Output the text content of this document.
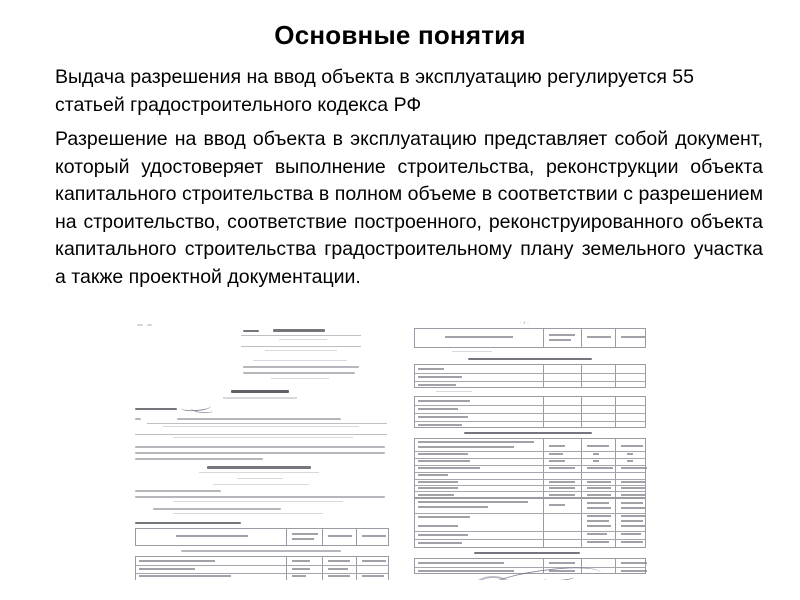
Основные понятия

Выдача разрешения на ввод объекта в эксплуатацию регулируется 55 статьей градостроительного кодекса РФ

Разрешение на ввод объекта в эксплуатацию представляет собой документ, который удостоверяет выполнение строительства, реконструкции объекта капитального строительства в полном объеме в соответствии с разрешением на строительство, соответствие построенного, реконструированного объекта капитального строительства градостроительному плану земельного участка а также проектной документации.

- 2 -
